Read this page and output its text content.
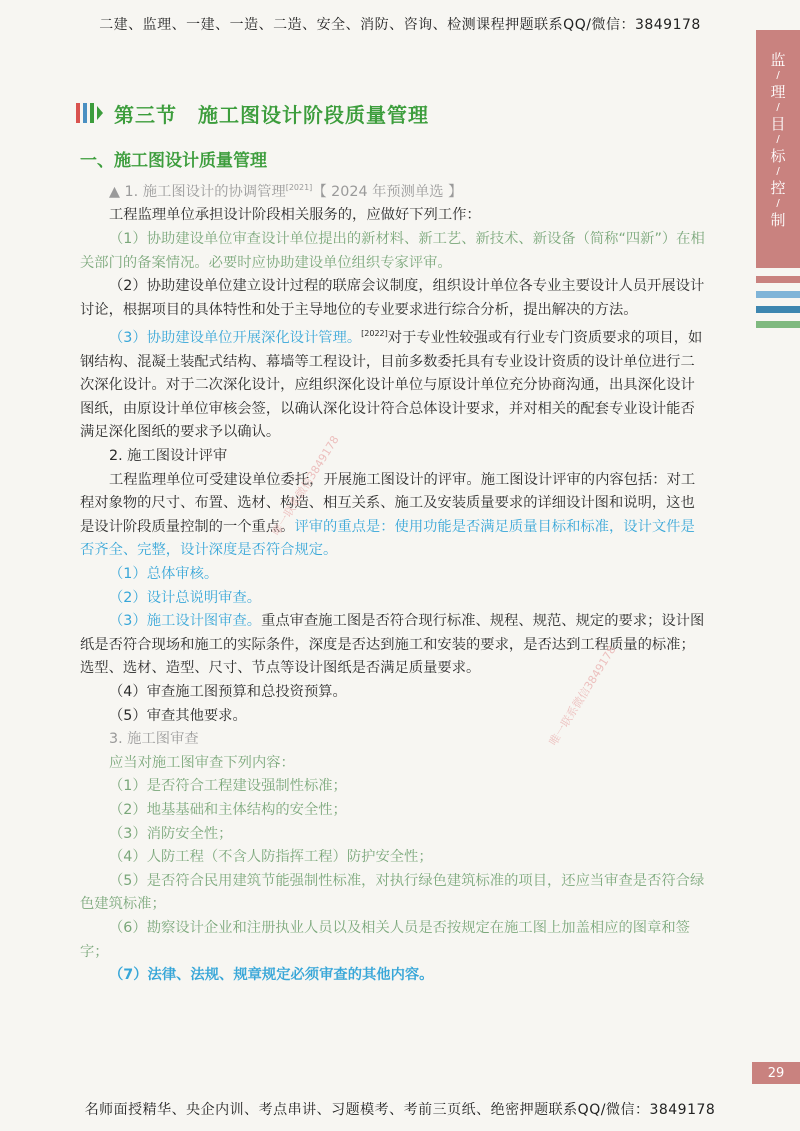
二建、监理、一建、一造、二造、安全、消防、咨询、检测课程押题联系QQ/微信：3849178
监
/
理
/
目
/
标
/
控
/
制
第三节　施工图设计阶段质量管理
一、施工图设计质量管理

▲ 1. 施工图设计的协调管理[2021]【 2024 年预测单选 】

工程监理单位承担设计阶段相关服务的，应做好下列工作：

（1）协助建设单位审查设计单位提出的新材料、新工艺、新技术、新设备（简称“四新”）在相关部门的备案情况。必要时应协助建设单位组织专家评审。

（2）协助建设单位建立设计过程的联席会议制度，组织设计单位各专业主要设计人员开展设计讨论，根据项目的具体特性和处于主导地位的专业要求进行综合分析，提出解决的方法。

（3）协助建设单位开展深化设计管理。[2022]对于专业性较强或有行业专门资质要求的项目，如钢结构、混凝土装配式结构、幕墙等工程设计，目前多数委托具有专业设计资质的设计单位进行二次深化设计。对于二次深化设计，应组织深化设计单位与原设计单位充分协商沟通，出具深化设计图纸，由原设计单位审核会签，以确认深化设计符合总体设计要求，并对相关的配套专业设计能否满足深化图纸的要求予以确认。

2. 施工图设计评审

工程监理单位可受建设单位委托，开展施工图设计的评审。施工图设计评审的内容包括：对工程对象物的尺寸、布置、选材、构造、相互关系、施工及安装质量要求的详细设计图和说明，这也是设计阶段质量控制的一个重点。评审的重点是：使用功能是否满足质量目标和标准，设计文件是否齐全、完整，设计深度是否符合规定。

（1）总体审核。

（2）设计总说明审查。

（3）施工设计图审查。重点审查施工图是否符合现行标准、规程、规范、规定的要求；设计图纸是否符合现场和施工的实际条件，深度是否达到施工和安装的要求，是否达到工程质量的标准；选型、选材、造型、尺寸、节点等设计图纸是否满足质量要求。

（4）审查施工图预算和总投资预算。

（5）审查其他要求。

3. 施工图审查

应当对施工图审查下列内容：

（1）是否符合工程建设强制性标准；

（2）地基基础和主体结构的安全性；

（3）消防安全性；

（4）人防工程（不含人防指挥工程）防护安全性；

（5）是否符合民用建筑节能强制性标准，对执行绿色建筑标准的项目，还应当审查是否符合绿色建筑标准；

（6）勘察设计企业和注册执业人员以及相关人员是否按规定在施工图上加盖相应的图章和签字；

（7）法律、法规、规章规定必须审查的其他内容。

唯一联系微信3849178
唯一联系微信3849178
29
名师面授精华、央企内训、考点串讲、习题模考、考前三页纸、绝密押题联系QQ/微信：3849178
